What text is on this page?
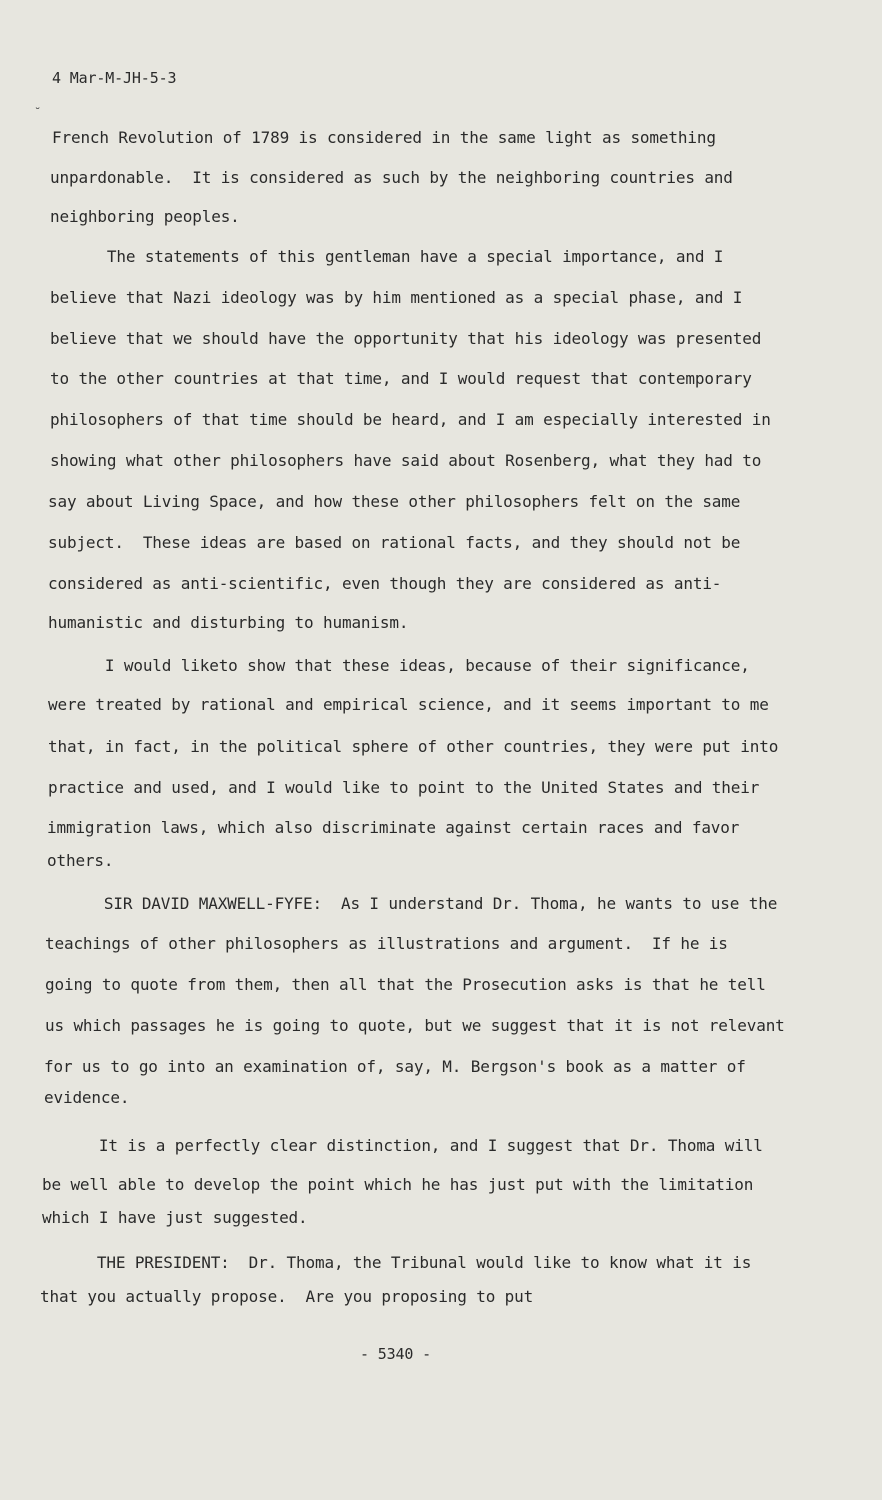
4 Mar-M-JH-5-3
˘
French Revolution of 1789 is considered in the same light as something
unpardonable.  It is considered as such by the neighboring countries and
neighboring peoples.
The statements of this gentleman have a special importance, and I
believe that Nazi ideology was by him mentioned as a special phase, and I
believe that we should have the opportunity that his ideology was presented
to the other countries at that time, and I would request that contemporary
philosophers of that time should be heard, and I am especially interested in
showing what other philosophers have said about Rosenberg, what they had to
say about Living Space, and how these other philosophers felt on the same
subject.  These ideas are based on rational facts, and they should not be
considered as anti-scientific, even though they are considered as anti-
humanistic and disturbing to humanism.
I would liketo show that these ideas, because of their significance,
were treated by rational and empirical science, and it seems important to me
that, in fact, in the political sphere of other countries, they were put into
practice and used, and I would like to point to the United States and their
immigration laws, which also discriminate against certain races and favor
others.
SIR DAVID MAXWELL-FYFE:  As I understand Dr. Thoma, he wants to use the
teachings of other philosophers as illustrations and argument.  If he is
going to quote from them, then all that the Prosecution asks is that he tell
us which passages he is going to quote, but we suggest that it is not relevant
for us to go into an examination of, say, M. Bergson's book as a matter of
evidence.
It is a perfectly clear distinction, and I suggest that Dr. Thoma will
be well able to develop the point which he has just put with the limitation
which I have just suggested.
THE PRESIDENT:  Dr. Thoma, the Tribunal would like to know what it is
that you actually propose.  Are you proposing to put
- 5340 -
